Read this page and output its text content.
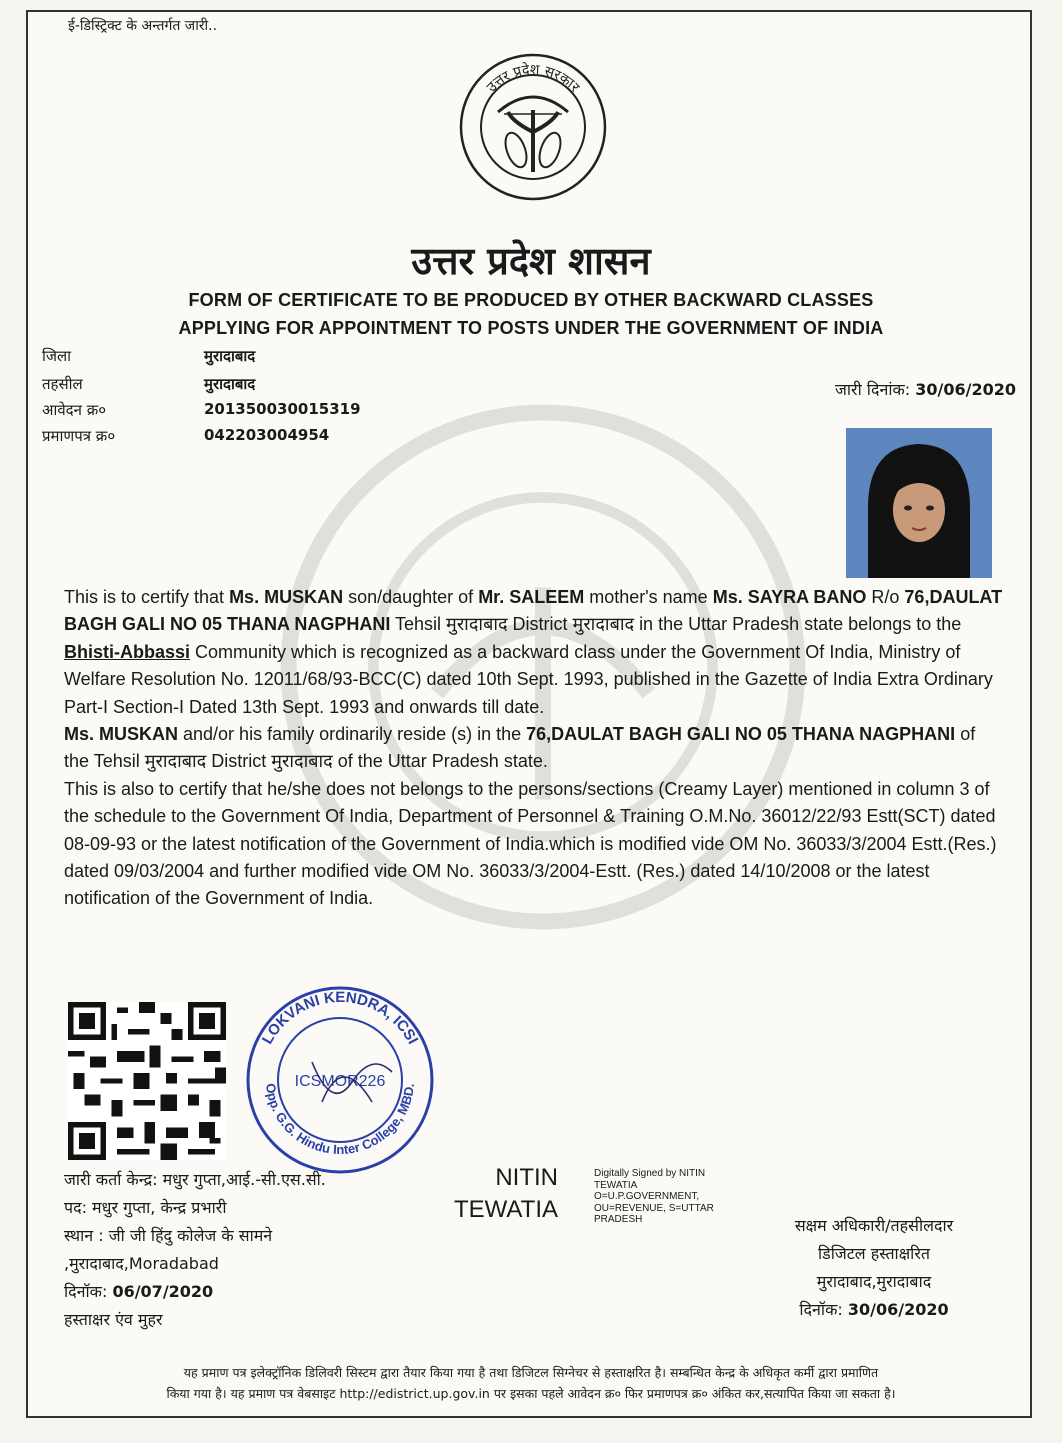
ई-डिस्ट्रिक्ट के अन्तर्गत जारी..
उत्तर प्रदेश सरकार
उत्तर प्रदेश शासन
FORM OF CERTIFICATE TO BE PRODUCED BY OTHER BACKWARD CLASSES
APPLYING FOR APPOINTMENT TO POSTS UNDER THE GOVERNMENT OF INDIA
जिला	मुरादाबाद
तहसील	मुरादाबाद
आवेदन क्र०	201350030015319
प्रमाणपत्र क्र०	042203004954
जारी दिनांक: 30/06/2020

This is to certify that Ms. MUSKAN son/daughter of Mr. SALEEM mother's name Ms. SAYRA BANO R/o 76,DAULAT BAGH GALI NO 05 THANA NAGPHANI Tehsil मुरादाबाद District मुरादाबाद in the Uttar Pradesh state belongs to the Bhisti-Abbassi Community which is recognized as a backward class under the Government Of India, Ministry of Welfare Resolution No. 12011/68/93-BCC(C) dated 10th Sept. 1993, published in the Gazette of India Extra Ordinary Part-I Section-I Dated 13th Sept. 1993 and onwards till date.

Ms. MUSKAN and/or his family ordinarily reside (s) in the 76,DAULAT BAGH GALI NO 05 THANA NAGPHANI of the Tehsil मुरादाबाद District मुरादाबाद of the Uttar Pradesh state.

This is also to certify that he/she does not belongs to the persons/sections (Creamy Layer) mentioned in column 3 of the schedule to the Government Of India, Department of Personnel & Training O.M.No. 36012/22/93 Estt(SCT) dated 08-09-93 or the latest notification of the Government of India.which is modified vide OM No. 36033/3/2004 Estt.(Res.) dated 09/03/2004 and further modified vide OM No. 36033/3/2004-Estt. (Res.) dated 14/10/2008 or the latest notification of the Government of India.

LOKVANI KENDRA, ICSI
Opp. G.G. Hindu Inter College, MBD.
ICSMOR226
जारी कर्ता केन्द्र: मधुर गुप्ता,आई.-सी.एस.सी.
पद: मधुर गुप्ता, केन्द्र प्रभारी
स्थान : जी जी हिंदु कोलेज के सामने
,मुरादाबाद,Moradabad
दिनॉक: 06/07/2020
हस्ताक्षर एंव मुहर
NITIN
TEWATIA
Digitally Signed by NITIN
TEWATIA
O=U.P.GOVERNMENT,
OU=REVENUE, S=UTTAR
PRADESH	सक्षम अधिकारी/तहसीलदार
डिजिटल हस्ताक्षरित
मुरादाबाद,मुरादाबाद
दिनॉक: 30/06/2020
यह प्रमाण पत्र इलेक्ट्रॉनिक डिलिवरी सिस्टम द्वारा तैयार किया गया है तथा डिजिटल सिग्नेचर से हस्ताक्षरित है। सम्बन्धित केन्द्र के अधिकृत कर्मी द्वारा प्रमाणित
किया गया है। यह प्रमाण पत्र वेबसाइट http://edistrict.up.gov.in पर इसका पहले आवेदन क्र० फिर प्रमाणपत्र क्र० अंकित कर,सत्यापित किया जा सकता है।
